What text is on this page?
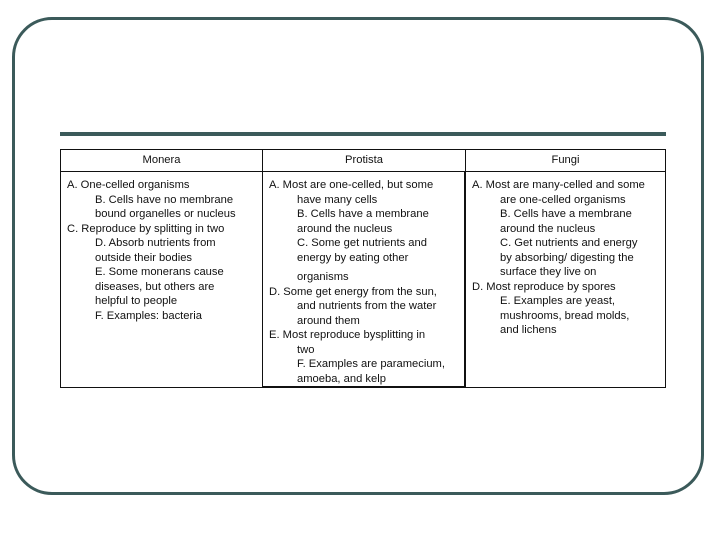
Monera	Protista	Fungi
A. One-celled organisms
B. Cells have no membrane
bound organelles or nucleus
C. Reproduce by splitting in two
D. Absorb nutrients from
outside their bodies
E. Some monerans cause
diseases, but others are
helpful to people
F. Examples: bacteria
A. Most are one-celled, but some
have many cells
B. Cells have a membrane
around the nucleus
C. Some get nutrients and
energy by eating other
organisms
D. Some get energy from the sun,
and nutrients from the water
around them
E. Most reproduce bysplitting in
two
F. Examples are paramecium,
amoeba, and kelp
A. Most are many-celled and some
are one-celled organisms
B. Cells have a membrane
around the nucleus
C. Get nutrients and energy
by absorbing/ digesting the
surface they live on
D. Most reproduce by spores
E. Examples are yeast,
mushrooms, bread molds,
and lichens
